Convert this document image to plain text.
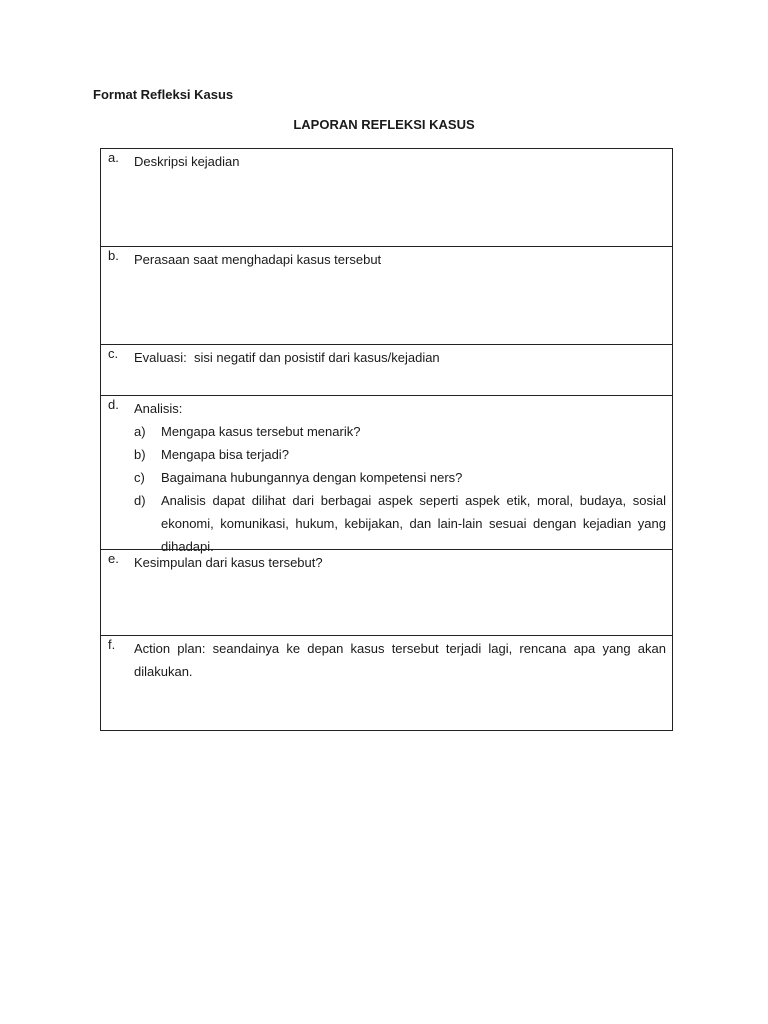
Format Refleksi Kasus
LAPORAN REFLEKSI KASUS
a. Deskripsi kejadian
b. Perasaan saat menghadapi kasus tersebut
c. Evaluasi:  sisi negatif dan posistif dari kasus/kejadian
d. Analisis:
a) Mengapa kasus tersebut menarik?
b) Mengapa bisa terjadi?
c) Bagaimana hubungannya dengan kompetensi ners?
d) Analisis dapat dilihat dari berbagai aspek seperti aspek etik, moral, budaya, sosial ekonomi, komunikasi, hukum, kebijakan, dan lain-lain sesuai dengan kejadian yang dihadapi.
e. Kesimpulan dari kasus tersebut?
f. Action plan: seandainya ke depan kasus tersebut terjadi lagi, rencana apa yang akan dilakukan.
